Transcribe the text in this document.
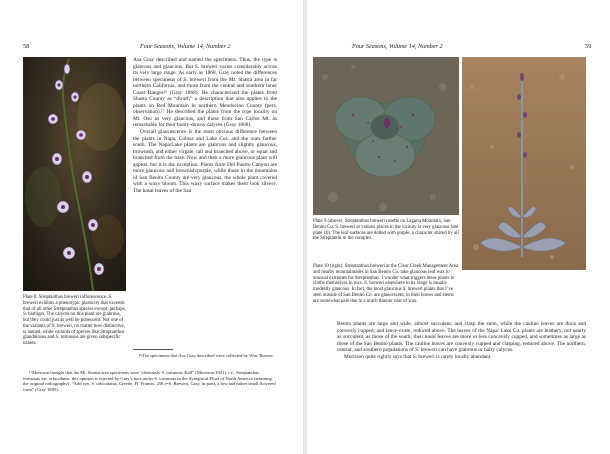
58	Four Seasons, Volume 14, Number 2

Plate 8. Streptanthus breweri inflorescence. S. breweri exhibits a phenotypic plasticity that exceeds that of all other Streptanthus species except, perhaps, S. barbiger. The calyces on this plant are glabrous, but they could just as well be pubescent. Not one of the variants of S. breweri, no matter how distinctive, is named, while variants of species like Streptanthus glandulosus and S. tortuosus are given subspecific names.

Asa Gray described and named the specimens. Thus, the type is glabrous and glaucous. But S. breweri varies considerably across its very large range. As early as 1868, Gray noted the differences between specimens of S. breweri from the Mt. Shasta area in far northern California, and those from the central and southern inner Coast Ranges¹⁶ (Gray 1868). He characterized the plants from Shasta County as “dwarf,” a description that also applies to the plants on Red Mountain in northern Mendocino County (pers. observation).¹⁷ He described the plants from the type locality on Mt. Oso as very glaucous, and those from San Carlos Mt. as remarkable for their hoary-downy calyces (Gray 1868).

Overall glaucescence is the most obvious difference between the plants in Napa, Colusa and Lake Cos. and the ones farther south. The Napa/Lake plants are glabrous and slightly glaucous, brownish, and either virgate, tall and branched above, or squat and branched from the base. Now and then a more glaucous plant will appear, but it is the exception. Plants from Del Puerto Canyon are more glaucous and brownish/purple, while those in the mountains of San Benito County are very glaucous, the whole plant covered with a waxy bloom. This waxy surface makes them look silvery. The basal leaves of the San

¹⁶The specimens that Asa Gray described were collected by Wm. Brewer.

¹⁷Morrison thought that the Mt. Shasta area specimens were “obviously S. tortuosus Kell” (Morrison 1941), i.e., Streptanthus tortuosus var. orbiculatus; this opinion is rejected by Gray’s note under S. tortuosus in the Synoptical Flora of North America (retaining the original orthography): “Add syn. S. orbiculatus, Greene, Fl. Francis. 258 (=S. Breweri, Gray, in part), a low and rather small flowered form” (Gray 1895).

Four Seasons, Volume 14, Number 2	59

Plate 9 (above). Streptanthus breweri rosette on Laguna Mountain, San Benito Co. S. breweri at various places in the vicinity is very glaucous (see plate 10). The leaf surfaces are dotted with purple, a character shared by all the Streptanthi in the complex.

Plate 10 (right). Streptanthus breweri at the Clear Creek Management Area and nearby mountainsides in San Benito Co. take glaucous leaf wax to unusual extremes for Streptanthus. I wonder what triggers these plants to clothe themselves in wax. S. breweri elsewhere in its range is usually modestly glaucous. In fact, the most glaucous S. breweri plants that I’ve seen outside of San Benito Co. are glaucescent, in their leaves and stems are somewhat pale due to a much thinner coat of wax.

Benito plants are large and wide, almost succulent, and clasp the stem, while the cauline leaves are thick and convexly cupped, and lance-ovate, reduced above. The leaves of the Napa/ Lake Co. plants are leathery, not nearly as succulent, as those of the south; their basal leaves are more or less concavely cupped, and sometimes as large as those of the San Benito plants. The cauline leaves are convexly cupped and clasping, reduced above. The northern, central, and southern populations of S. breweri can have glabrous or hairy calyces.

Morrison quite rightly says that S. breweri is rarely locally abundant.
